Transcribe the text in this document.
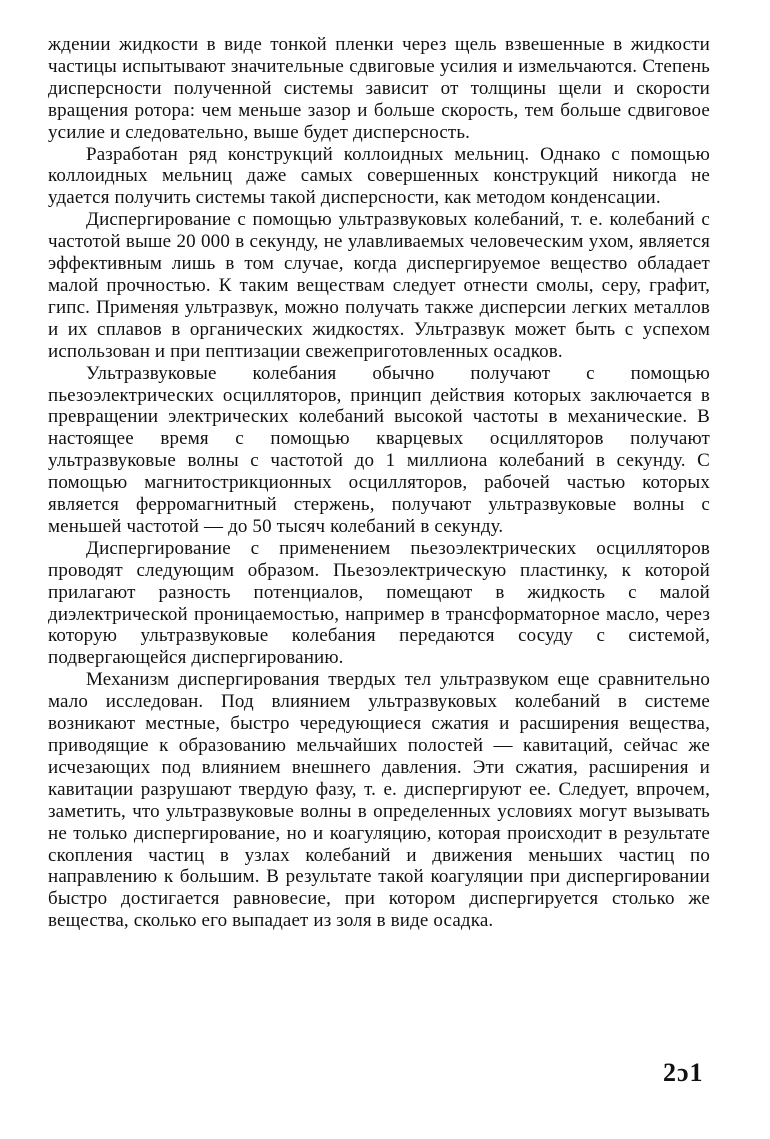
ждении жидкости в виде тонкой пленки через щель взвешенные в жидкости частицы испытывают значительные сдвиговые усилия и измельчаются. Степень дисперсности полученной системы зависит от толщины щели и скорости вращения ротора: чем меньше зазор и больше скорость, тем больше сдвиговое усилие и следовательно, выше будет дисперсность.

Разработан ряд конструкций коллоидных мельниц. Однако с помощью коллоидных мельниц даже самых совершенных конструкций никогда не удается получить системы такой дисперсности, как методом конденсации.

Диспергирование с помощью ультразвуковых колебаний, т. е. колебаний с частотой выше 20 000 в секунду, не улавливаемых человеческим ухом, является эффективным лишь в том случае, когда диспергируемое вещество обладает малой прочностью. К таким веществам следует отнести смолы, серу, графит, гипс. Применяя ультразвук, можно получать также дисперсии легких металлов и их сплавов в органических жидкостях. Ультразвук может быть с успехом использован и при пептизации свежеприготовленных осадков.

Ультразвуковые колебания обычно получают с помощью пьезоэлектрических осцилляторов, принцип действия которых заключается в превращении электрических колебаний высокой частоты в механические. В настоящее время с помощью кварцевых осцилляторов получают ультразвуковые волны с частотой до 1 миллиона колебаний в секунду. С помощью магнитострикционных осцилляторов, рабочей частью которых является ферромагнитный стержень, получают ультразвуковые волны с меньшей частотой — до 50 тысяч колебаний в секунду.

Диспергирование с применением пьезоэлектрических осцилляторов проводят следующим образом. Пьезоэлектрическую пластинку, к которой прилагают разность потенциалов, помещают в жидкость с малой диэлектрической проницаемостью, например в трансформаторное масло, через которую ультразвуковые колебания передаются сосуду с системой, подвергающейся диспергированию.

Механизм диспергирования твердых тел ультразвуком еще сравнительно мало исследован. Под влиянием ультразвуковых колебаний в системе возникают местные, быстро чередующиеся сжатия и расширения вещества, приводящие к образованию мельчайших полостей — кавитаций, сейчас же исчезающих под влиянием внешнего давления. Эти сжатия, расширения и кавитации разрушают твердую фазу, т. е. диспергируют ее. Следует, впрочем, заметить, что ультразвуковые волны в определенных условиях могут вызывать не только диспергирование, но и коагуляцию, которая происходит в результате скопления частиц в узлах колебаний и движения меньших частиц по направлению к большим. В результате такой коагуляции при диспергировании быстро достигается равновесие, при котором диспергируется столько же вещества, сколько его выпадает из золя в виде осадка.

2ɔ1
